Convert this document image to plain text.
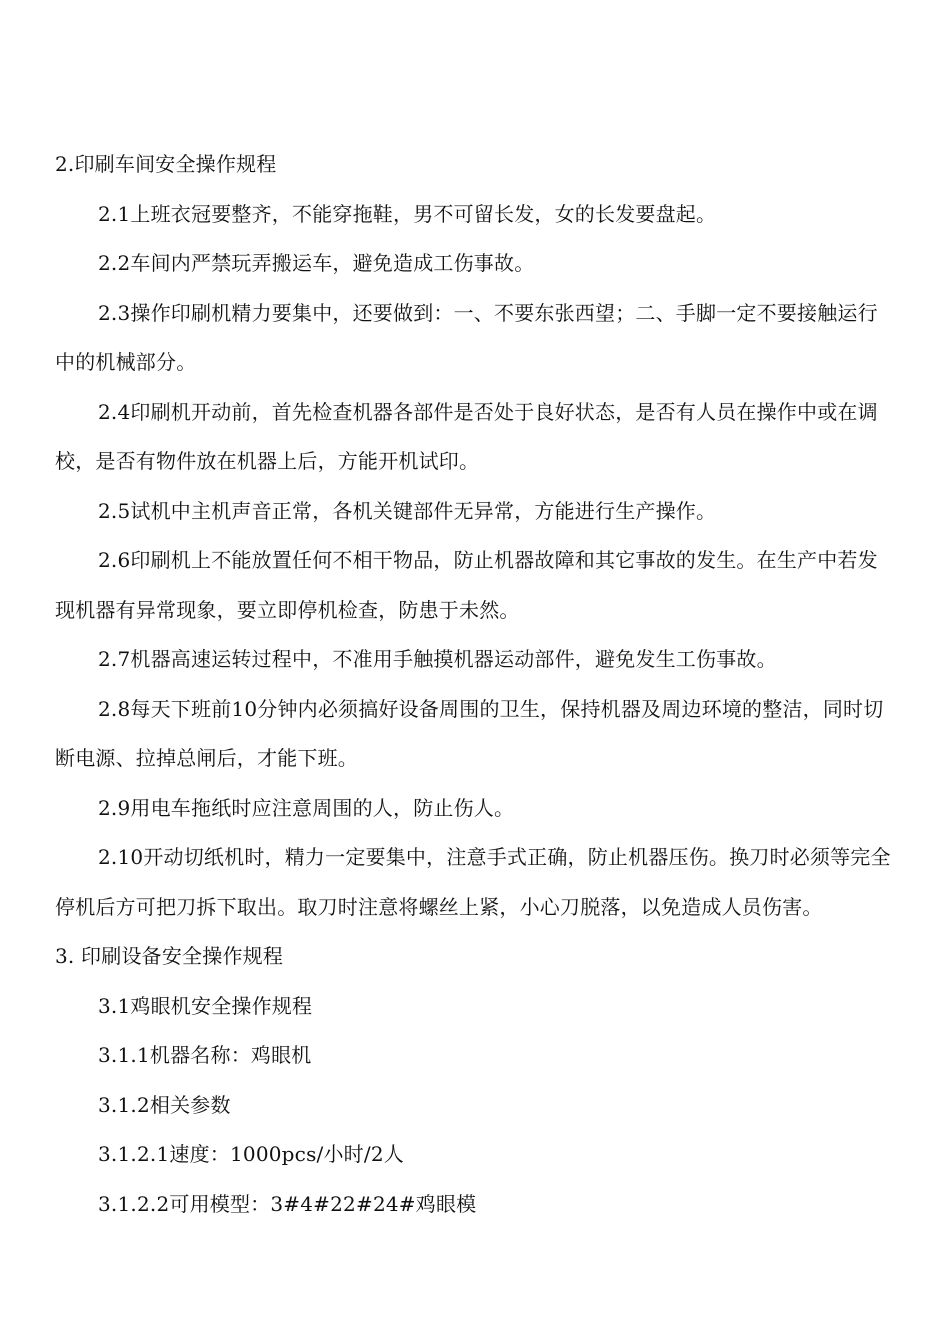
2.印刷车间安全操作规程

2.1上班衣冠要整齐，不能穿拖鞋，男不可留长发，女的长发要盘起。

2.2车间内严禁玩弄搬运车，避免造成工伤事故。

2.3操作印刷机精力要集中，还要做到：一、不要东张西望；二、手脚一定不要接触运行中的机械部分。

2.4印刷机开动前，首先检查机器各部件是否处于良好状态，是否有人员在操作中或在调校，是否有物件放在机器上后，方能开机试印。

2.5试机中主机声音正常，各机关键部件无异常，方能进行生产操作。

2.6印刷机上不能放置任何不相干物品，防止机器故障和其它事故的发生。在生产中若发现机器有异常现象，要立即停机检查，防患于未然。

2.7机器高速运转过程中，不准用手触摸机器运动部件，避免发生工伤事故。

2.8每天下班前10分钟内必须搞好设备周围的卫生，保持机器及周边环境的整洁，同时切断电源、拉掉总闸后，才能下班。

2.9用电车拖纸时应注意周围的人，防止伤人。

2.10开动切纸机时，精力一定要集中，注意手式正确，防止机器压伤。换刀时必须等完全停机后方可把刀拆下取出。取刀时注意将螺丝上紧，小心刀脱落，以免造成人员伤害。

3. 印刷设备安全操作规程

3.1鸡眼机安全操作规程

3.1.1机器名称：鸡眼机

3.1.2相关参数

3.1.2.1速度：1000pcs/小时/2人

3.1.2.2可用模型：3#4#22#24#鸡眼模
